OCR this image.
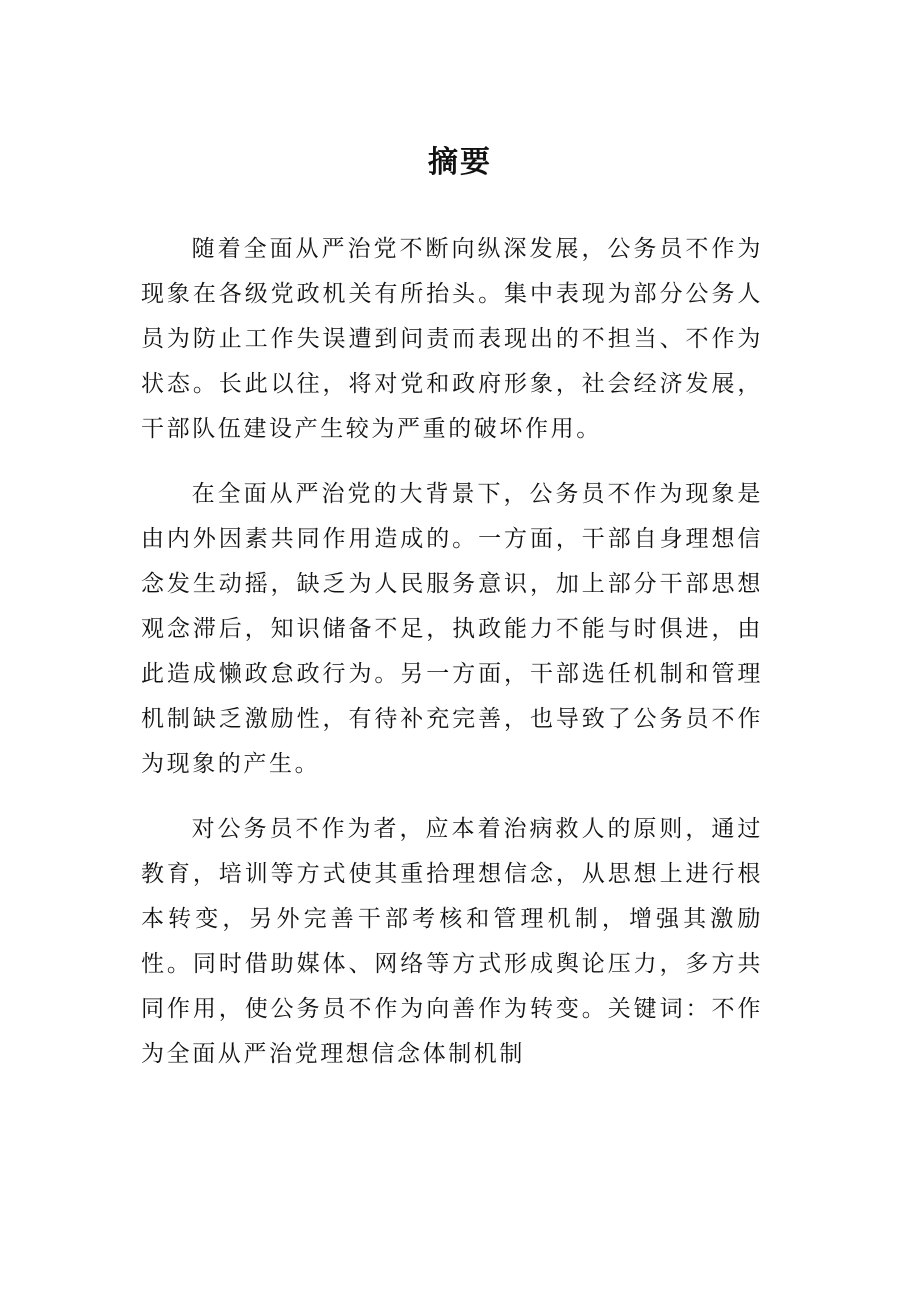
摘要

随着全面从严治党不断向纵深发展，公务员不作为现象在各级党政机关有所抬头。集中表现为部分公务人员为防止工作失误遭到问责而表现出的不担当、不作为状态。长此以往，将对党和政府形象，社会经济发展，干部队伍建设产生较为严重的破坏作用。

在全面从严治党的大背景下，公务员不作为现象是由内外因素共同作用造成的。一方面，干部自身理想信念发生动摇，缺乏为人民服务意识，加上部分干部思想观念滞后，知识储备不足，执政能力不能与时俱进，由此造成懒政怠政行为。另一方面，干部选任机制和管理机制缺乏激励性，有待补充完善，也导致了公务员不作为现象的产生。

对公务员不作为者，应本着治病救人的原则，通过教育，培训等方式使其重拾理想信念，从思想上进行根本转变，另外完善干部考核和管理机制，增强其激励性。同时借助媒体、网络等方式形成舆论压力，多方共同作用，使公务员不作为向善作为转变。关键词：不作为全面从严治党理想信念体制机制
